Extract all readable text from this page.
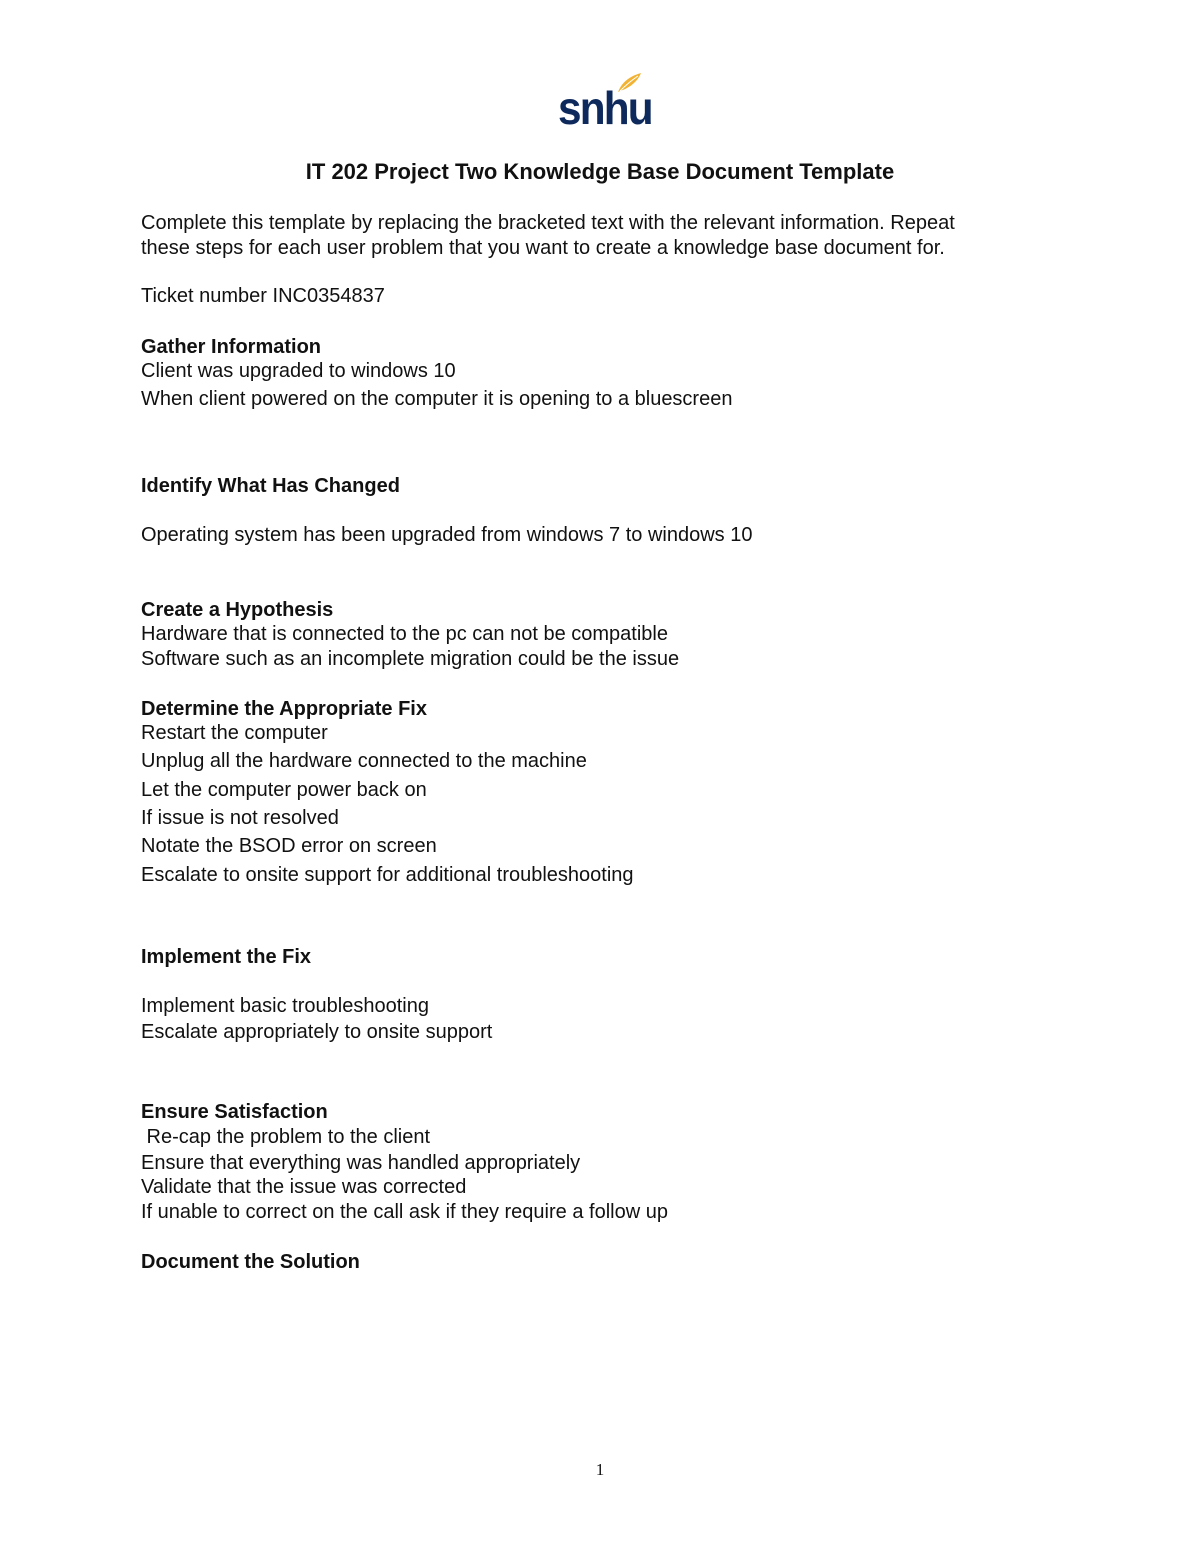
snhu
IT 202 Project Two Knowledge Base Document Template
Complete this template by replacing the bracketed text with the relevant information. Repeat
these steps for each user problem that you want to create a knowledge base document for.
Ticket number INC0354837
Gather Information
Client was upgraded to windows 10
When client powered on the computer it is opening to a bluescreen
Identify What Has Changed
Operating system has been upgraded from windows 7 to windows 10
Create a Hypothesis
Hardware that is connected to the pc can not be compatible
Software such as an incomplete migration could be the issue
Determine the Appropriate Fix
Restart the computer
Unplug all the hardware connected to the machine
Let the computer power back on
If issue is not resolved
Notate the BSOD error on screen
Escalate to onsite support for additional troubleshooting
Implement the Fix
Implement basic troubleshooting
Escalate appropriately to onsite support
Ensure Satisfaction
Re-cap the problem to the client
Ensure that everything was handled appropriately
Validate that the issue was corrected
If unable to correct on the call ask if they require a follow up
Document the Solution
1
